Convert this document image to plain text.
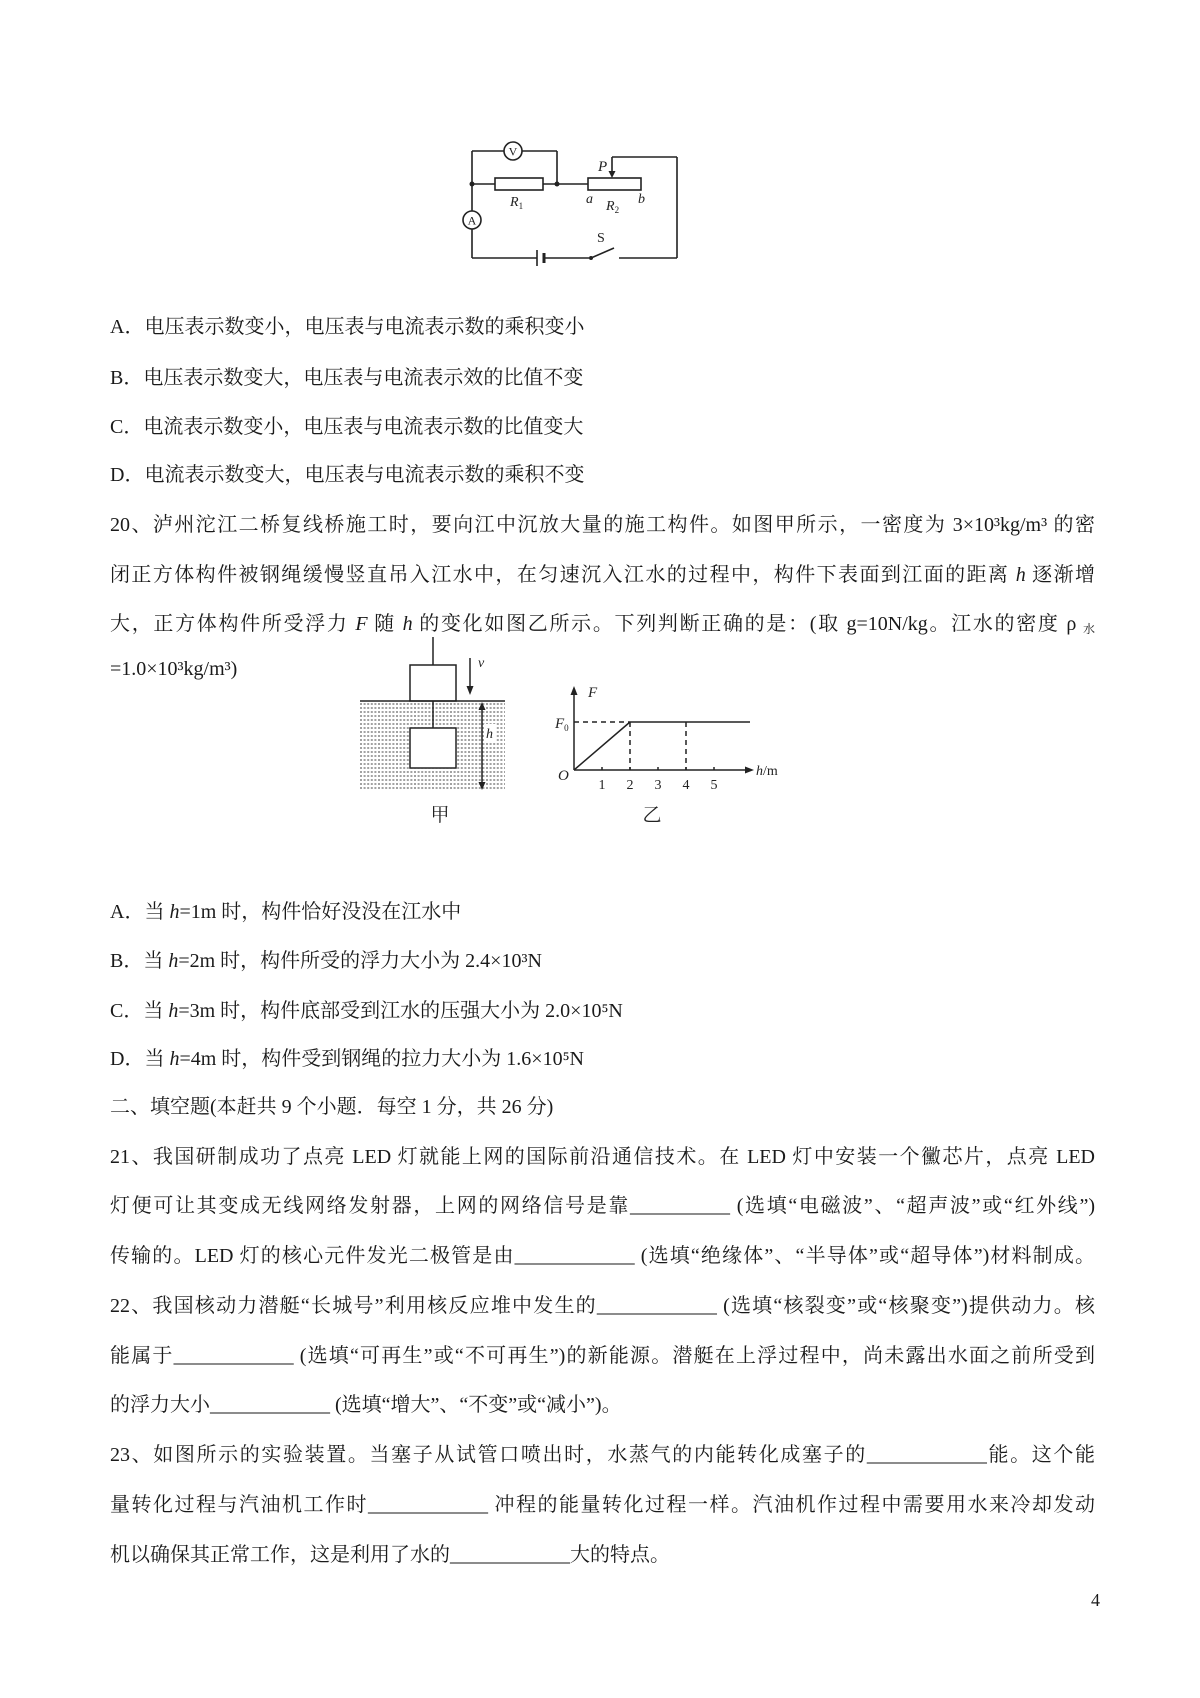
V
A
$R_1$
P
a $R_2$
b
S
A．电压表示数变小，电压表与电流表示数的乘积变小
B．电压表示数变大，电压表与电流表示效的比值不变
C．电流表示数变小，电压表与电流表示数的比值变大
D．电流表示数变大，电压表与电流表示数的乘积不变
20、泸州沱江二桥复线桥施工时，要向江中沉放大量的施工构件。如图甲所示，一密度为 3×10³kg/m³ 的密
闭正方体构件被钢绳缓慢竖直吊入江水中，在匀速沉入江水的过程中，构件下表面到江面的距离 h 逐渐增
大，正方体构件所受浮力 F 随 h 的变化如图乙所示。下列判断正确的是：(取 g=10N/kg。江水的密度 ρ $_水$
=1.0×10³kg/m³)	v
h
甲
F
$F_0$
O
1 2 3 4 5
h/m
乙
A．当 h=1m 时，构件恰好没没在江水中
B．当 h=2m 时，构件所受的浮力大小为 2.4×10³N
C．当 h=3m 时，构件底部受到江水的压强大小为 2.0×10⁵N
D．当 h=4m 时，构件受到钢绳的拉力大小为 1.6×10⁵N
二、填空题(本赶共 9 个小题．每空 1 分，共 26 分)
21、我国研制成功了点亮 LED 灯就能上网的国际前沿通信技术。在 LED 灯中安装一个黴芯片，点亮 LED
灯便可让其变成无线网络发射器，上网的网络信号是靠__________ (选填“电磁波”、“超声波”或“红外线”)
传输的。LED 灯的核心元件发光二极管是由____________ (选填“绝缘体”、“半导体”或“超导体”)材料制成。
22、我国核动力潜艇“长城号”利用核反应堆中发生的____________ (选填“核裂变”或“核聚变”)提供动力。核
能属于____________ (选填“可再生”或“不可再生”)的新能源。潜艇在上浮过程中，尚未露出水面之前所受到
的浮力大小____________ (选填“增大”、“不变”或“减小”)。
23、如图所示的实验装置。当塞子从试管口喷出时，水蒸气的内能转化成塞子的____________能。这个能
量转化过程与汽油机工作时____________ 冲程的能量转化过程一样。汽油机作过程中需要用水来冷却发动
机以确保其正常工作，这是利用了水的____________大的特点。
4
